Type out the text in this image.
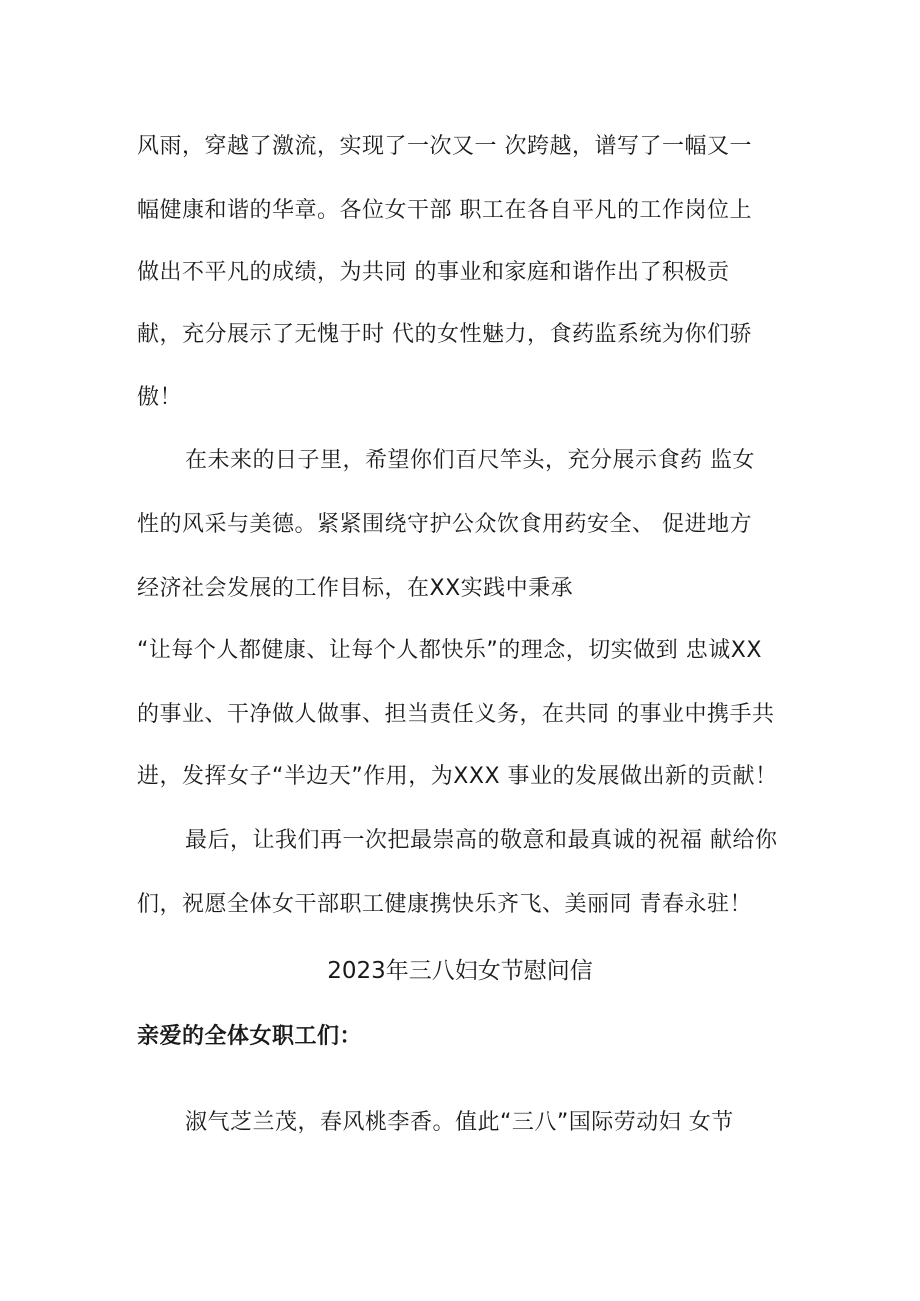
风雨，穿越了激流，实现了一次又一 次跨越，谱写了一幅又一
幅健康和谐的华章。各位女干部 职工在各自平凡的工作岗位上
做出不平凡的成绩，为共同 的事业和家庭和谐作出了积极贡
献，充分展示了无愧于时 代的女性魅力，食药监系统为你们骄
傲！
在未来的日子里，希望你们百尺竿头，充分展示食药 监女
性的风采与美德。紧紧围绕守护公众饮食用药安全、 促进地方
经济社会发展的工作目标，在XX实践中秉承
“让每个人都健康、让每个人都快乐”的理念，切实做到 忠诚XX
的事业、干净做人做事、担当责任义务，在共同 的事业中携手共
进，发挥女子“半边天”作用，为XXX 事业的发展做出新的贡献！
最后，让我们再一次把最崇高的敬意和最真诚的祝福 献给你
们，祝愿全体女干部职工健康携快乐齐飞、美丽同 青春永驻！
2023年三八妇女节慰问信
亲爱的全体女职工们：
淑气芝兰茂，春风桃李香。值此“三八”国际劳动妇 女节
